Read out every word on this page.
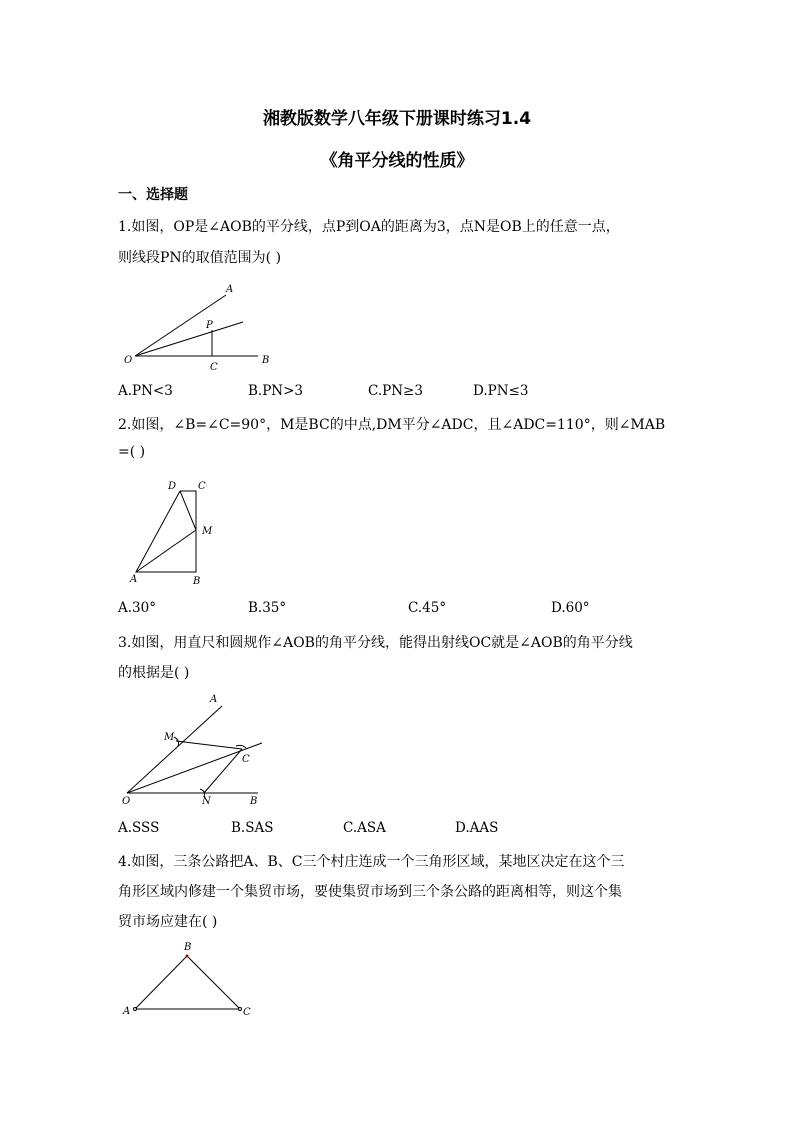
湘教版数学八年级下册课时练习1.4
《角平分线的性质》
一、选择题
1.如图，OP是∠AOB的平分线，点P到OA的距离为3，点N是OB上的任意一点，
则线段PN的取值范围为( )
A
P
O
C
B
A.PN<3	B.PN>3	C.PN≥3	D.PN≤3
2.如图，∠B=∠C=90°，M是BC的中点,DM平分∠ADC，且∠ADC=110°，则∠MAB
=( )
D C
M
A	B
A.30°	B.35°	C.45°	D.60°
3.如图，用直尺和圆规作∠AOB的角平分线，能得出射线OC就是∠AOB的角平分线
的根据是( )
A
M
C
O	N	B
A.SSS	B.SAS	C.ASA	D.AAS
4.如图，三条公路把A、B、C三个村庄连成一个三角形区域，某地区决定在这个三
角形区域内修建一个集贸市场，要使集贸市场到三个条公路的距离相等，则这个集
贸市场应建在( )
B
A	C
